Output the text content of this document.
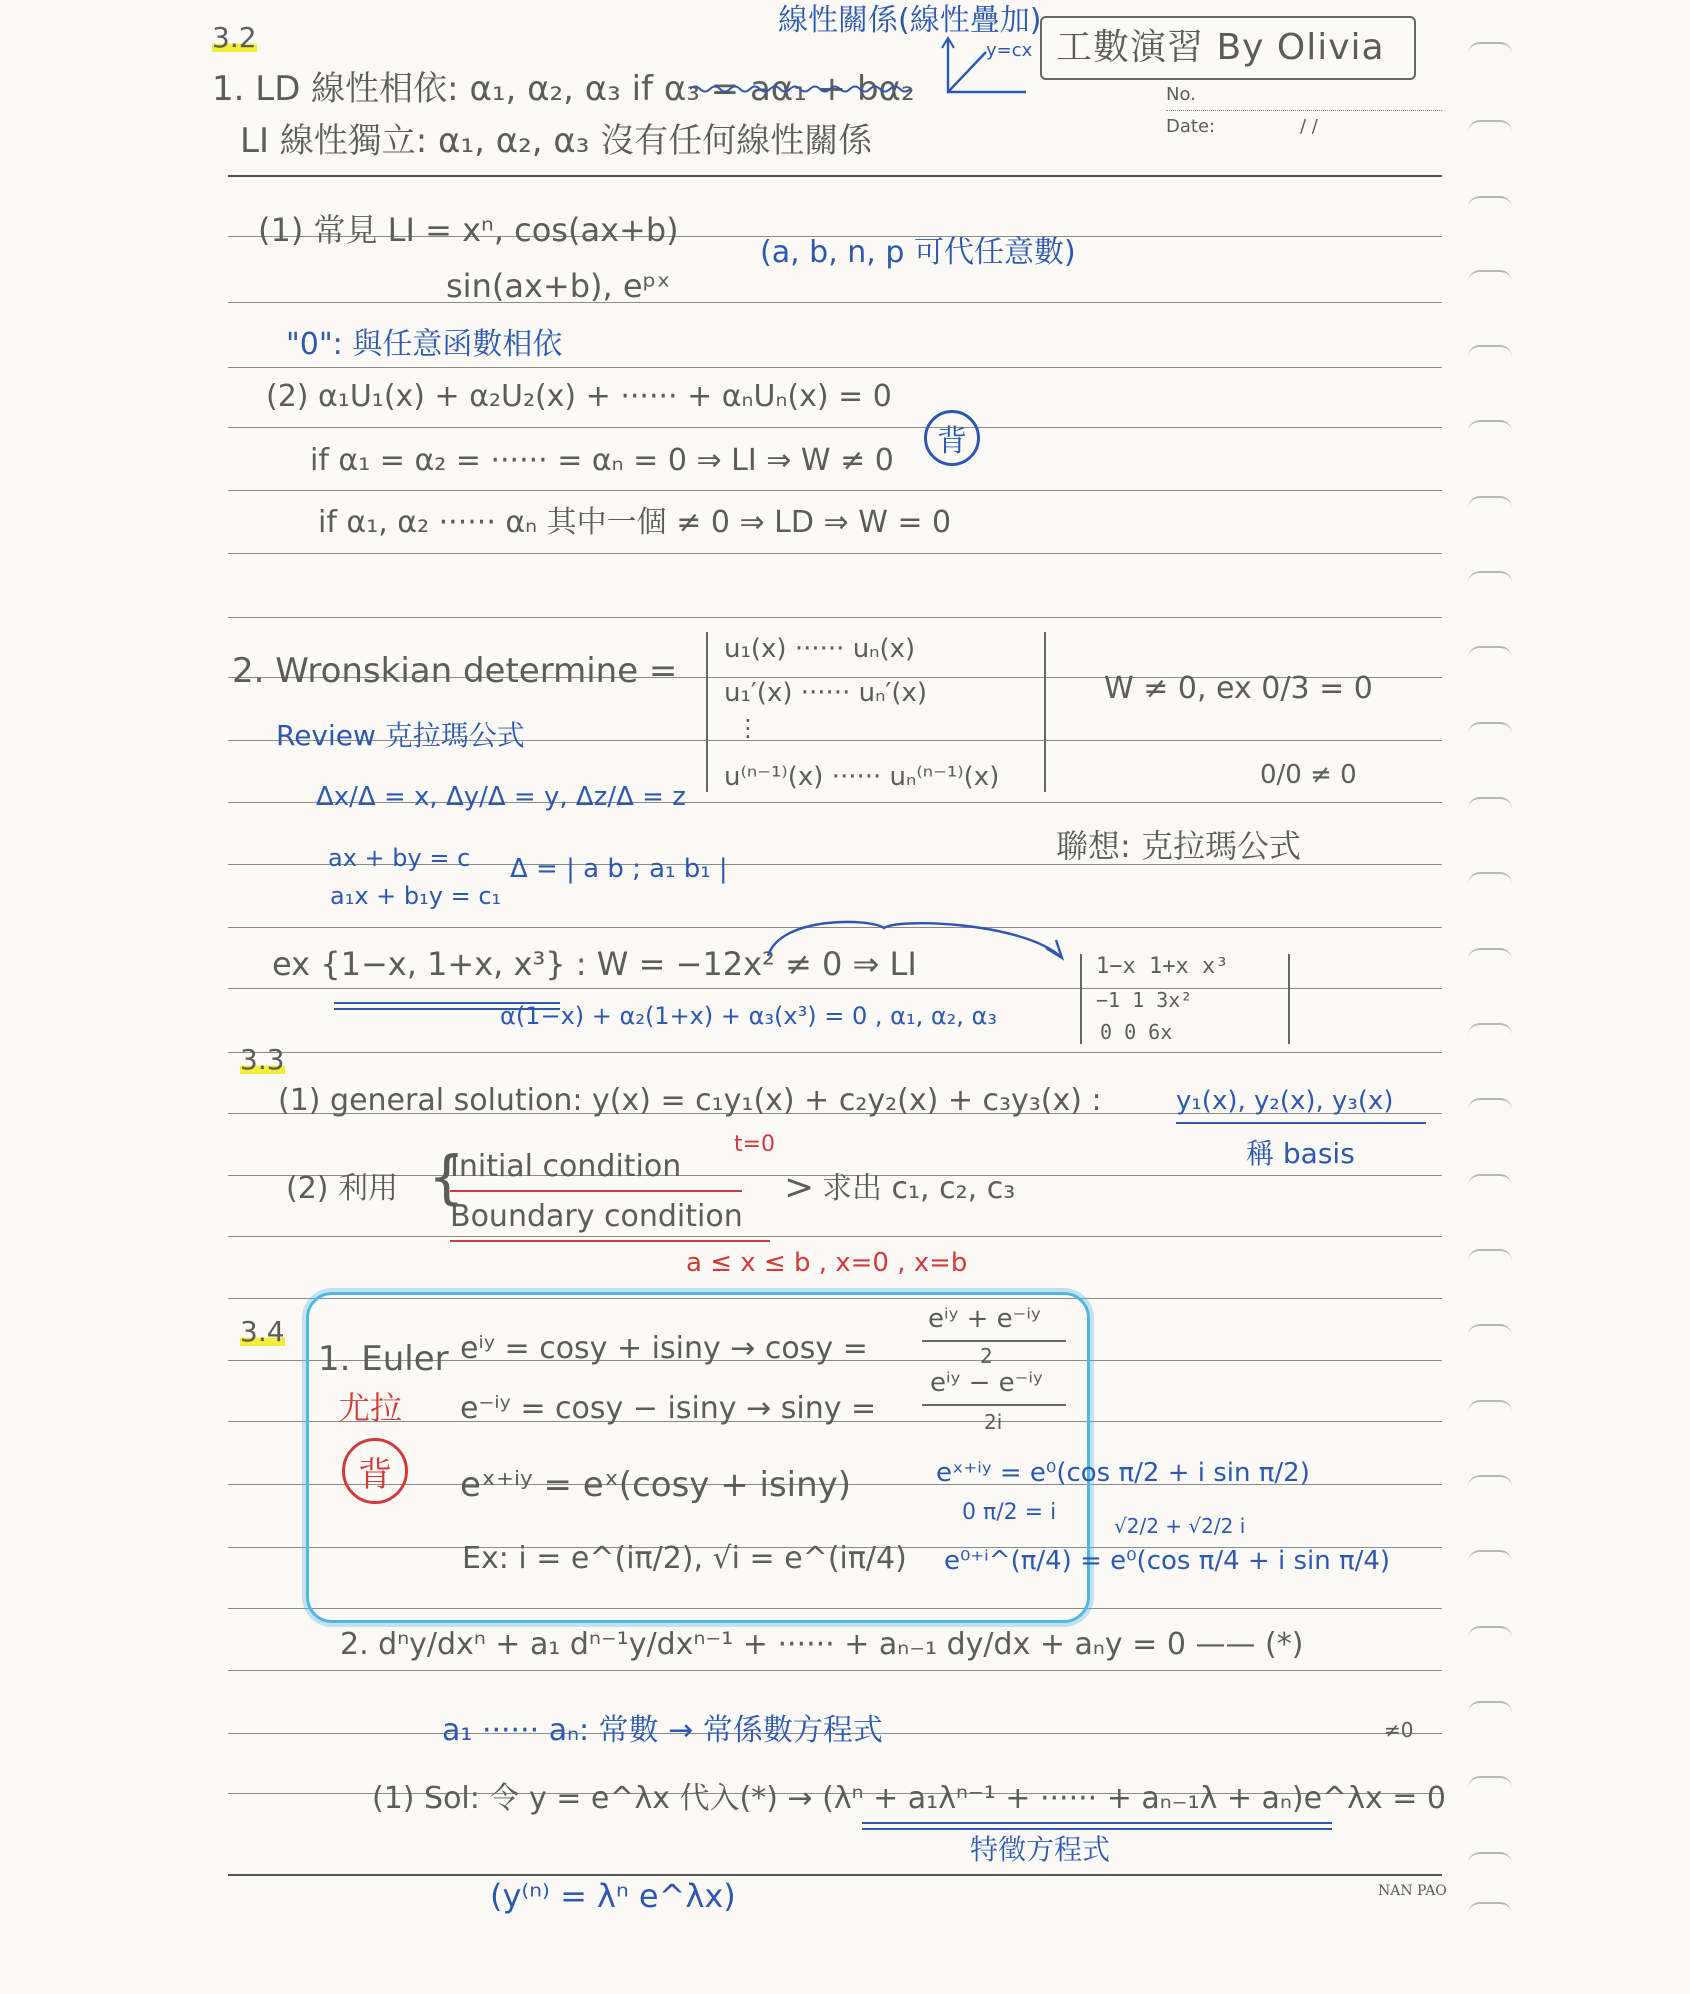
工數演習 By Olivia
No.
Date:	/ /
線性關係(線性疊加)
y=cx
3.2
1. LD 線性相依: α₁, α₂, α₃ if α₃ = aα₁ + bα₂
LI 線性獨立: α₁, α₂, α₃ 沒有任何線性關係
(1) 常見 LI = xⁿ, cos(ax+b)
sin(ax+b), eᵖˣ
(a, b, n, p 可代任意數)
"0": 與任意函數相依
(2) α₁U₁(x) + α₂U₂(x) + ······ + αₙUₙ(x) = 0
if α₁ = α₂ = ······ = αₙ = 0 ⇒ LI ⇒ W ≠ 0
背
if α₁, α₂ ······ αₙ 其中一個 ≠ 0 ⇒ LD ⇒ W = 0
2. Wronskian determine =
u₁(x) ······ uₙ(x)
u₁′(x) ······ uₙ′(x)
⋮
u⁽ⁿ⁻¹⁾(x) ······ uₙ⁽ⁿ⁻¹⁾(x)
W ≠ 0, ex 0/3 = 0
0/0 ≠ 0
Review 克拉瑪公式
Δx/Δ = x, Δy/Δ = y, Δz/Δ = z
ax + by = c
a₁x + b₁y = c₁
Δ = | a b ; a₁ b₁ |
聯想: 克拉瑪公式
ex {1−x, 1+x, x³} : W = −12x² ≠ 0 ⇒ LI
α(1−x) + α₂(1+x) + α₃(x³) = 0 , α₁, α₂, α₃
1−x 1+x x³
−1 1 3x²
0 0 6x
3.3
(1) general solution: y(x) = c₁y₁(x) + c₂y₂(x) + c₃y₃(x) :	y₁(x), y₂(x), y₃(x)
稱 basis
(2) 利用 {
Initial condition
t=0
Boundary condition
> 求出 c₁, c₂, c₃
a ≤ x ≤ b , x=0 , x=b
3.4
1. Euler
尤拉
背
eⁱʸ = cosy + isiny → cosy =
eⁱʸ + e⁻ⁱʸ
2
e⁻ⁱʸ = cosy − isiny → siny =
eⁱʸ − e⁻ⁱʸ
2i
eˣ⁺ⁱʸ = eˣ(cosy + isiny)
Ex: i = e^(iπ/2), √i = e^(iπ/4)
eˣ⁺ⁱʸ = e⁰(cos π/2 + i sin π/2)
0 π/2 = i
√2/2 + √2/2 i
e⁰⁺ⁱ^(π/4) = e⁰(cos π/4 + i sin π/4)
2. dⁿy/dxⁿ + a₁ dⁿ⁻¹y/dxⁿ⁻¹ + ······ + aₙ₋₁ dy/dx + aₙy = 0 —— (*)
a₁ ······ aₙ: 常數 → 常係數方程式
(1) Sol: 令 y = e^λx 代入(*) → (λⁿ + a₁λⁿ⁻¹ + ······ + aₙ₋₁λ + aₙ)e^λx = 0
≠0
特徵方程式
(y⁽ⁿ⁾ = λⁿ e^λx)	NAN PAO
